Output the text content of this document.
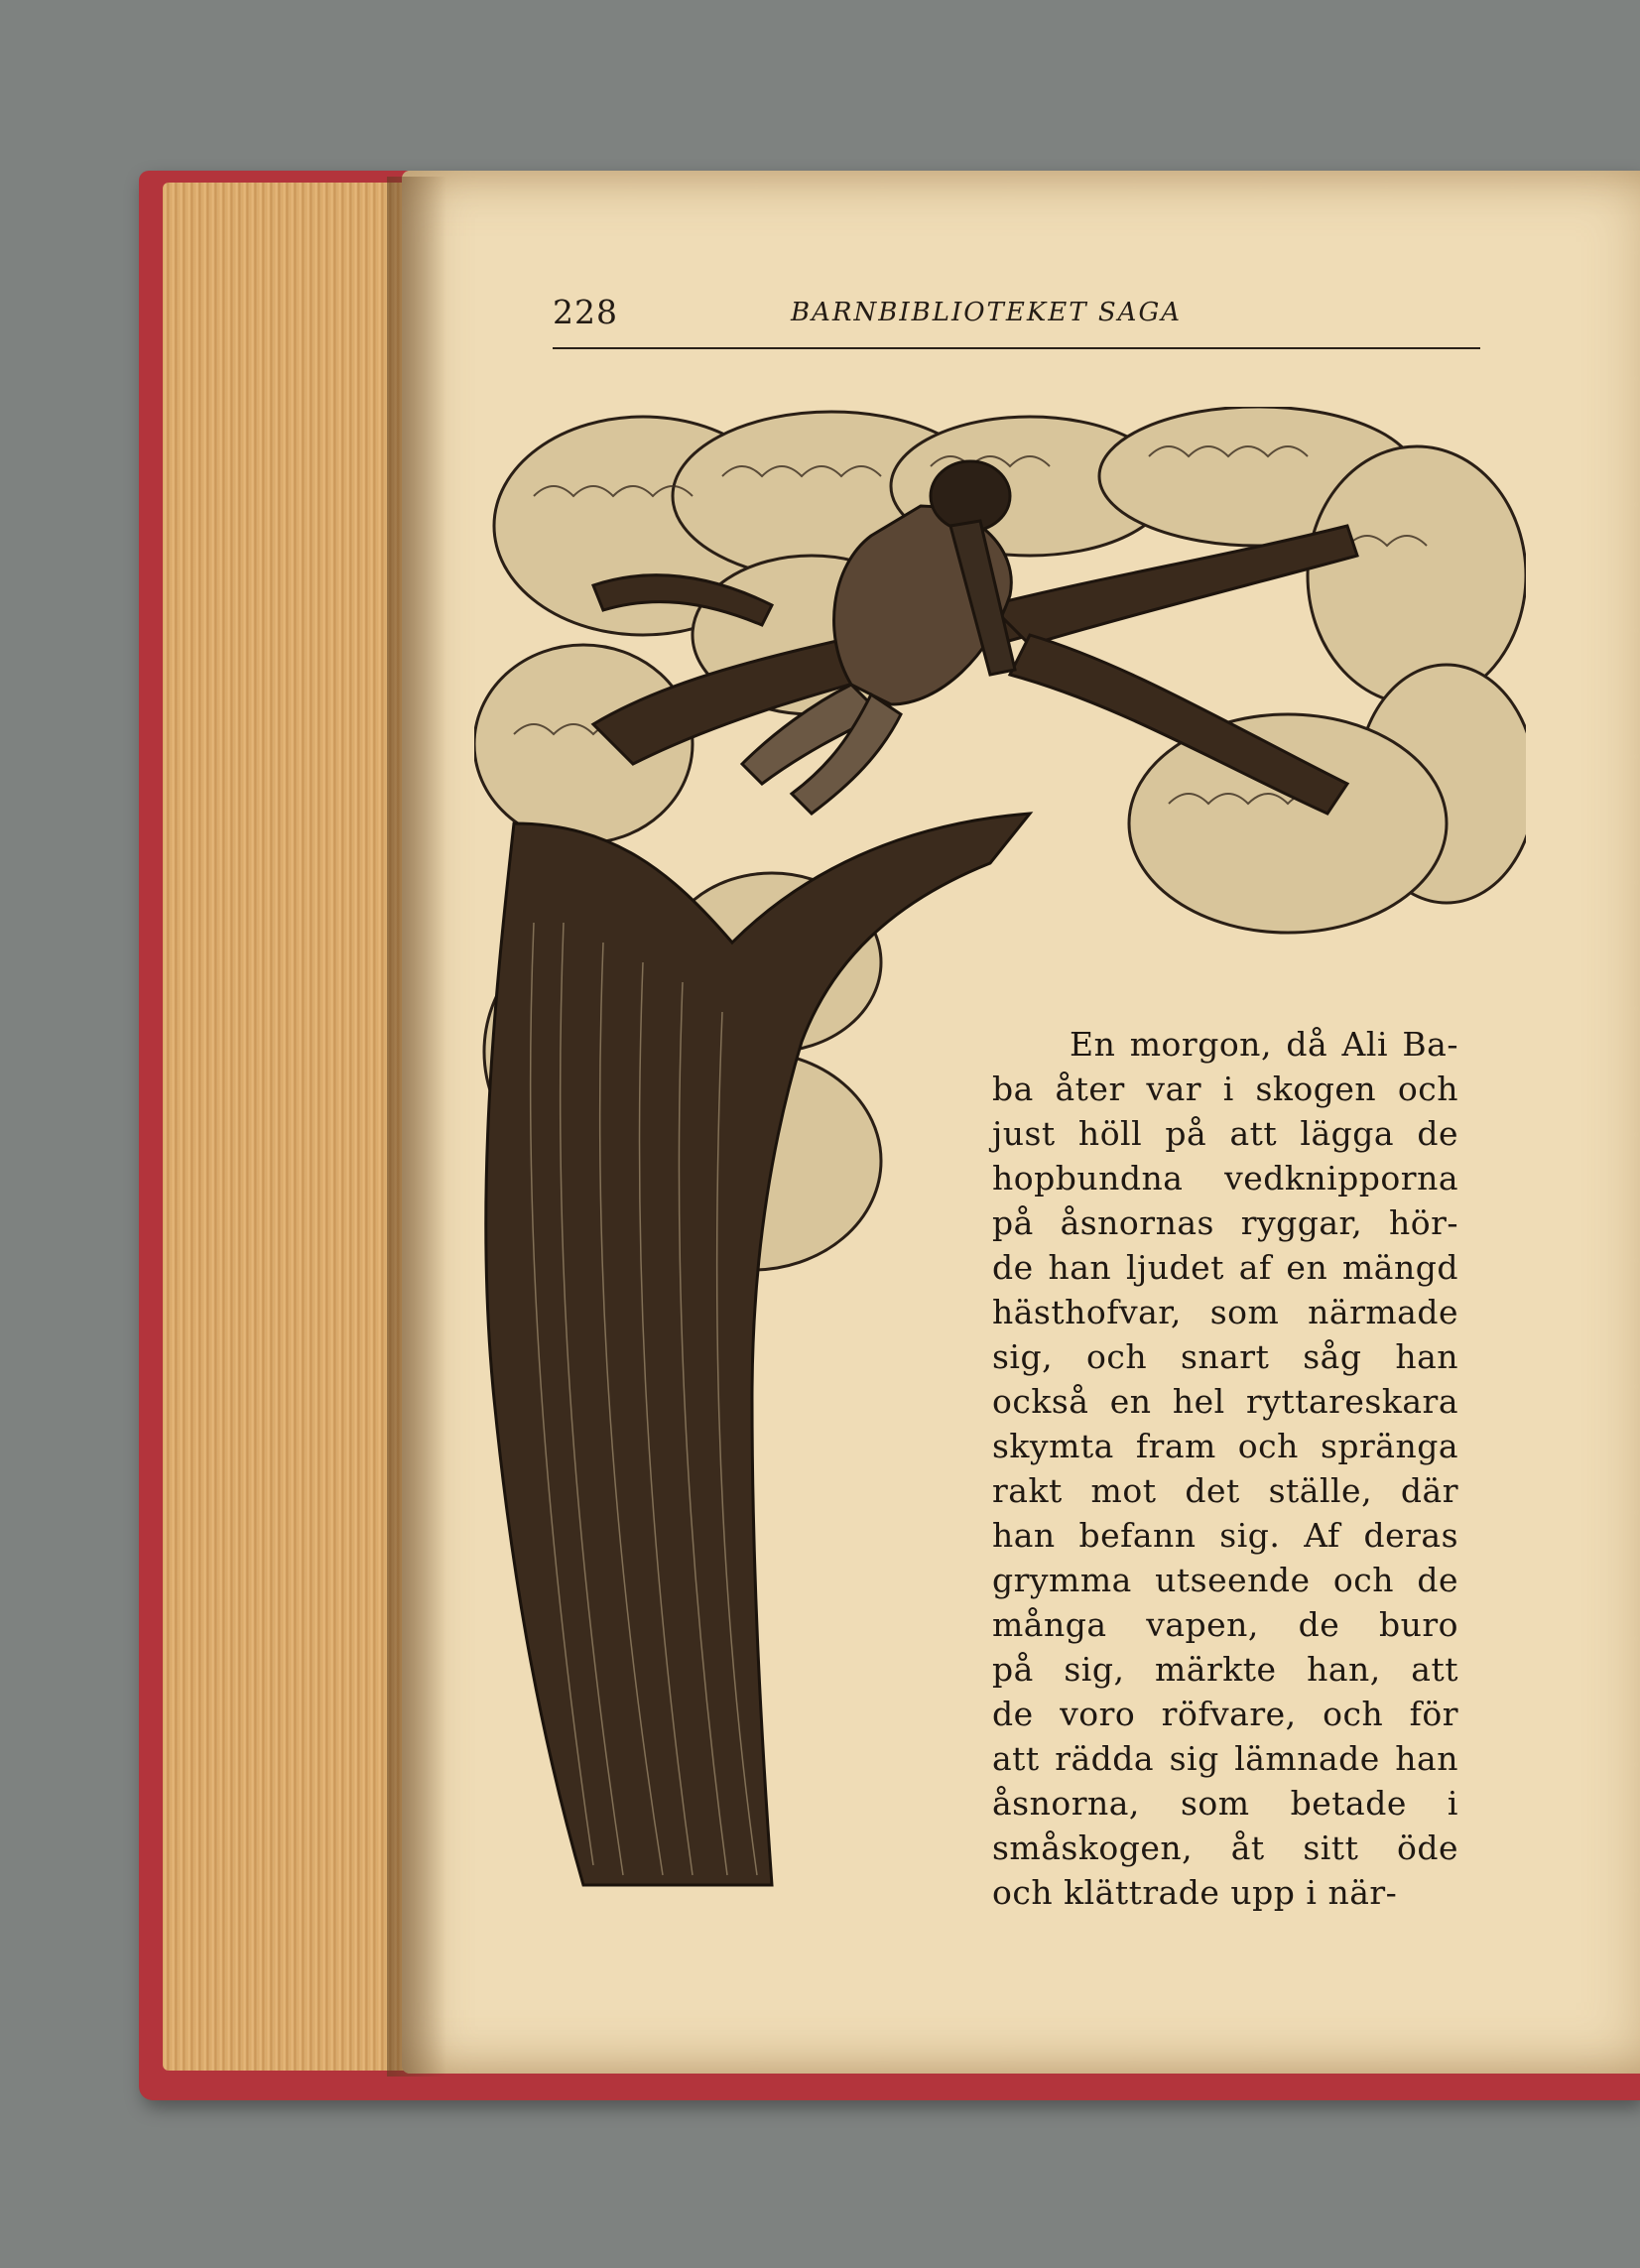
228	BARNBIBLIOTEKET SAGA
En morgon, då Ali Ba-
ba åter var i skogen och
just höll på att lägga de
hopbundna vedknipporna
på åsnornas ryggar, hör-
de han ljudet af en mängd
hästhofvar, som närmade
sig, och snart såg han
också en hel ryttareskara
skymta fram och spränga
rakt mot det ställe, där
han befann sig. Af deras
grymma utseende och de
många vapen, de buro
på sig, märkte han, att
de voro röfvare, och för
att rädda sig lämnade han
åsnorna, som betade i
småskogen, åt sitt öde
och klättrade upp i när-
